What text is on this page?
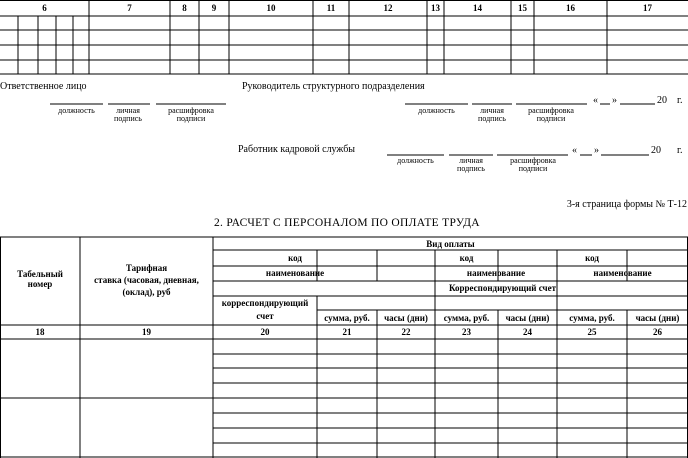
6	7	8	9	10	11	12	13	14	15	16	17
Ответственное лицо
должность	личная подпись
расшифровка подписи
Руководитель структурного подразделения
должность	личная подпись
расшифровка подписи
« »	20 г.
Работник кадровой службы
должность	личная подпись
расшифровка подписи
« »	20 г.
3-я страница формы № Т-12
2. РАСЧЕТ С ПЕРСОНАЛОМ ПО ОПЛАТЕ ТРУДА
Табельный номер
Тарифная
ставка (часовая, дневная,
(оклад), руб
Вид оплаты
код	код	код
наименование	наименование	наименование
Корреспондирующий счет
корреспондирующий
счет	сумма, руб.	часы (дни)	сумма, руб.	часы (дни)	сумма, руб.	часы (дни)
18	19	20	21	22	23	24	25	26
